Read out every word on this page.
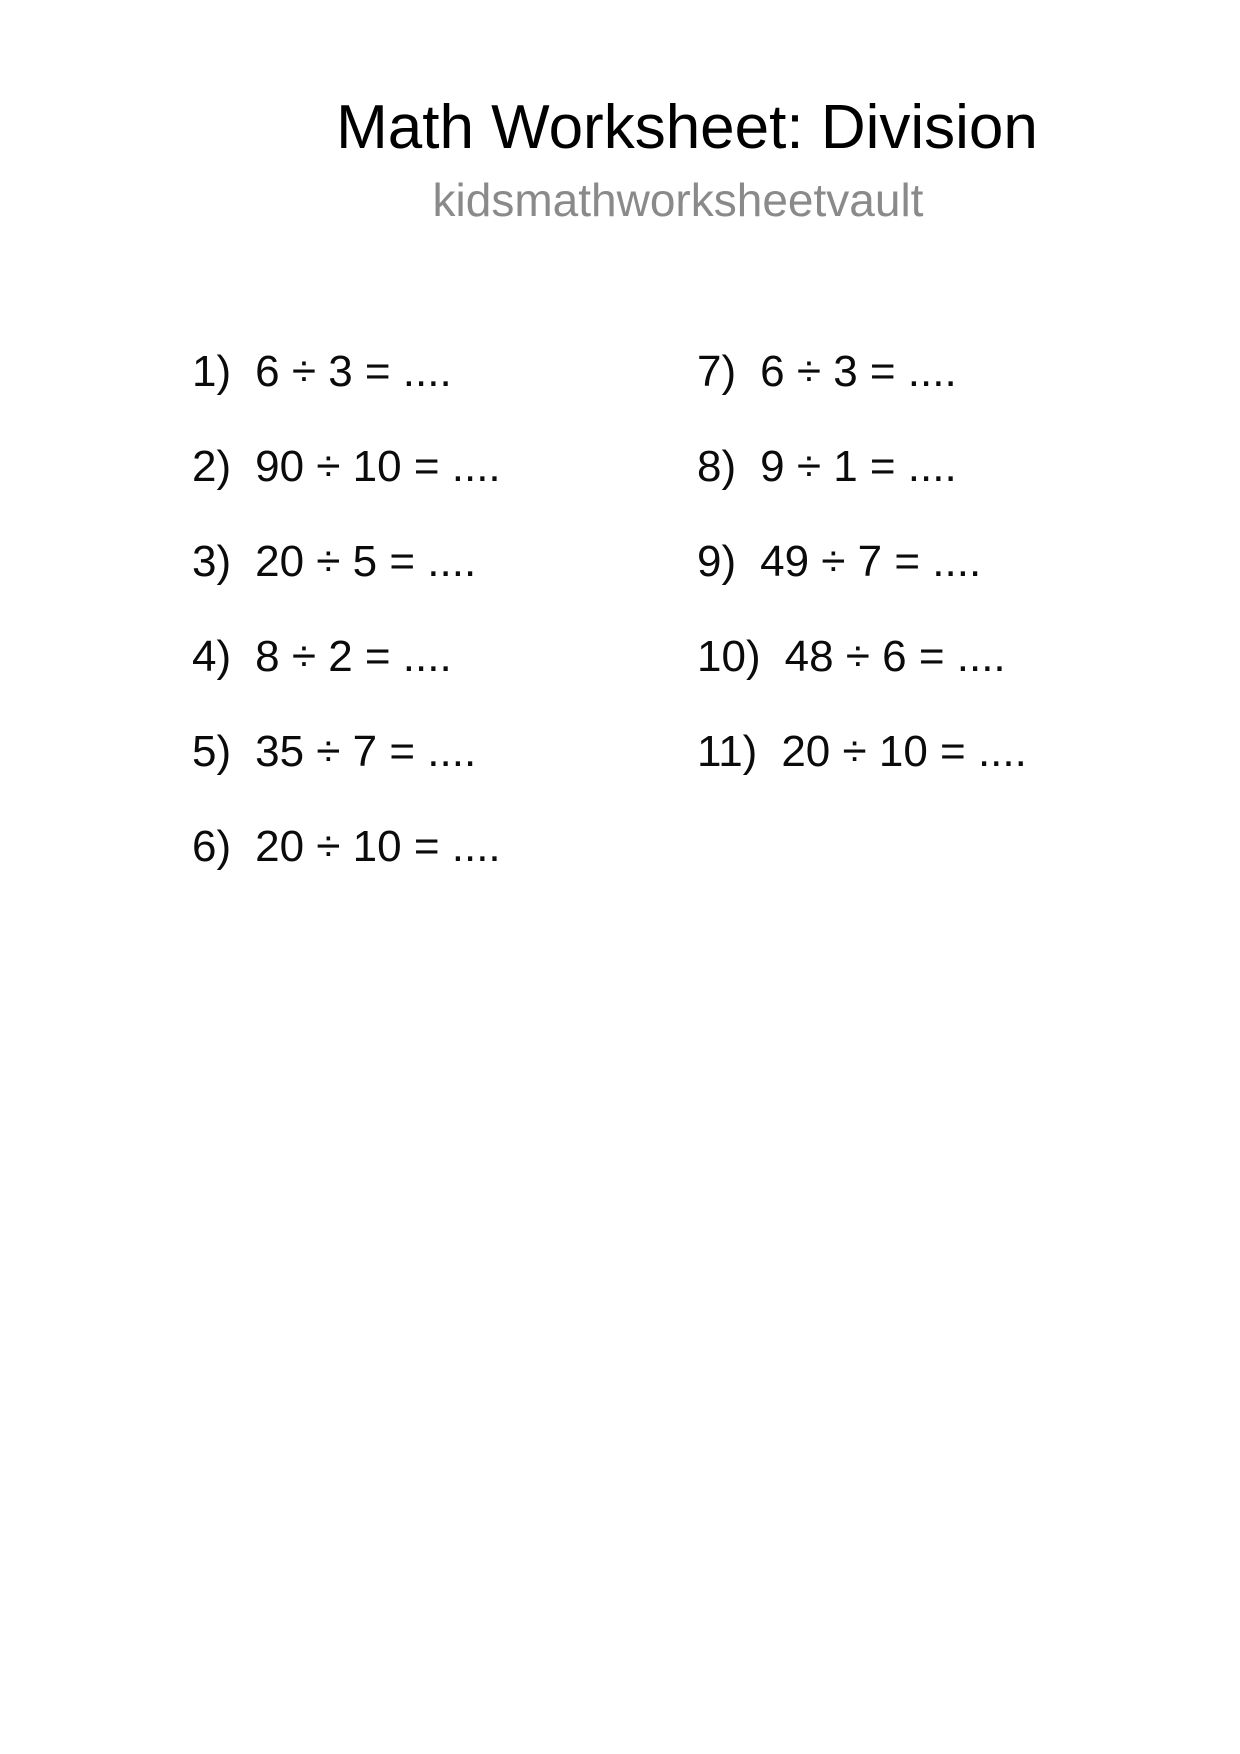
Math Worksheet: Division
kidsmathworksheetvault
1) 6 ÷ 3 = ....
2) 90 ÷ 10 = ....
3) 20 ÷ 5 = ....
4) 8 ÷ 2 = ....
5) 35 ÷ 7 = ....
6) 20 ÷ 10 = ....
7) 6 ÷ 3 = ....
8) 9 ÷ 1 = ....
9) 49 ÷ 7 = ....
10) 48 ÷ 6 = ....
11) 20 ÷ 10 = ....
